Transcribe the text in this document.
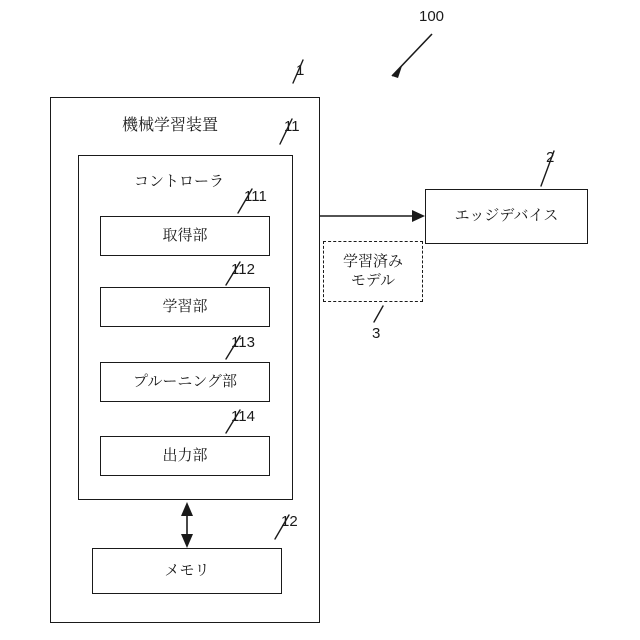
機械学習装置
コントローラ
取得部
学習部
プルーニング部
出力部
メモリ
学習済み
モデル
エッジデバイス
100
1
11
111
112
113
114
12
2
3
